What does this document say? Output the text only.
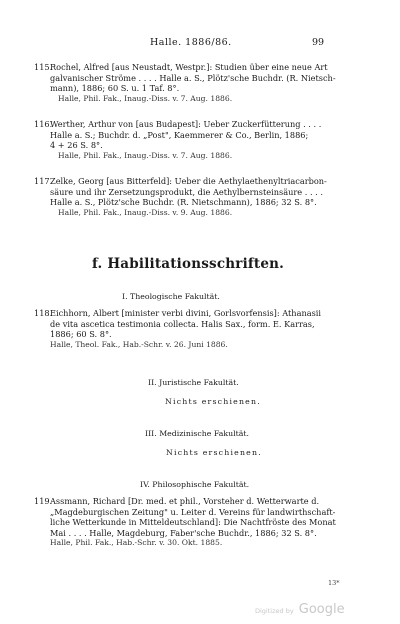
Halle. 1886/86.	99
115.
Rochel, Alfred [aus Neustadt, Westpr.]: Studien über eine neue Art
galvanischer Ströme . . . . Halle a. S., Plötz'sche Buchdr. (R. Nietsch-
mann), 1886; 60 S. u. 1 Taf. 8°.
Halle, Phil. Fak., Inaug.-Diss. v. 7. Aug. 1886.
116.
Werther, Arthur von [aus Budapest]: Ueber Zuckerfütterung . . . .
Halle a. S.; Buchdr. d. „Post", Kaemmerer & Co., Berlin, 1886;
4 + 26 S. 8°.
Halle, Phil. Fak., Inaug.-Diss. v. 7. Aug. 1886.
117.
Zelke, Georg [aus Bitterfeld]: Ueber die Aethylaethenyltriacarbon-
säure und ihr Zersetzungsprodukt, die Aethylbernsteinsäure . . . .
Halle a. S., Plötz'sche Buchdr. (R. Nietschmann), 1886; 32 S. 8°.
Halle, Phil. Fak., Inaug.-Diss. v. 9. Aug. 1886.
f. Habilitationsschriften.
I. Theologische Fakultät.
118.
Eichhorn, Albert [minister verbi divini, Gorlsvorfensis]: Athanasii
de vita ascetica testimonia collecta. Halis Sax., form. E. Karras,
1886; 60 S. 8°.
Halle, Theol. Fak., Hab.-Schr. v. 26. Juni 1886.
II. Juristische Fakultät.
Nichts erschienen.
III. Medizinische Fakultät.
Nichts erschienen.
IV. Philosophische Fakultät.
119.
Assmann, Richard [Dr. med. et phil., Vorsteher d. Wetterwarte d.
„Magdeburgischen Zeitung" u. Leiter d. Vereins für landwirthschaft-
liche Wetterkunde in Mitteldeutschland]: Die Nachtfröste des Monat
Mai . . . . Halle, Magdeburg, Faber'sche Buchdr., 1886; 32 S. 8°.
Halle, Phil. Fak., Hab.-Schr. v. 30. Okt. 1885.
13*
Digitized by Google
